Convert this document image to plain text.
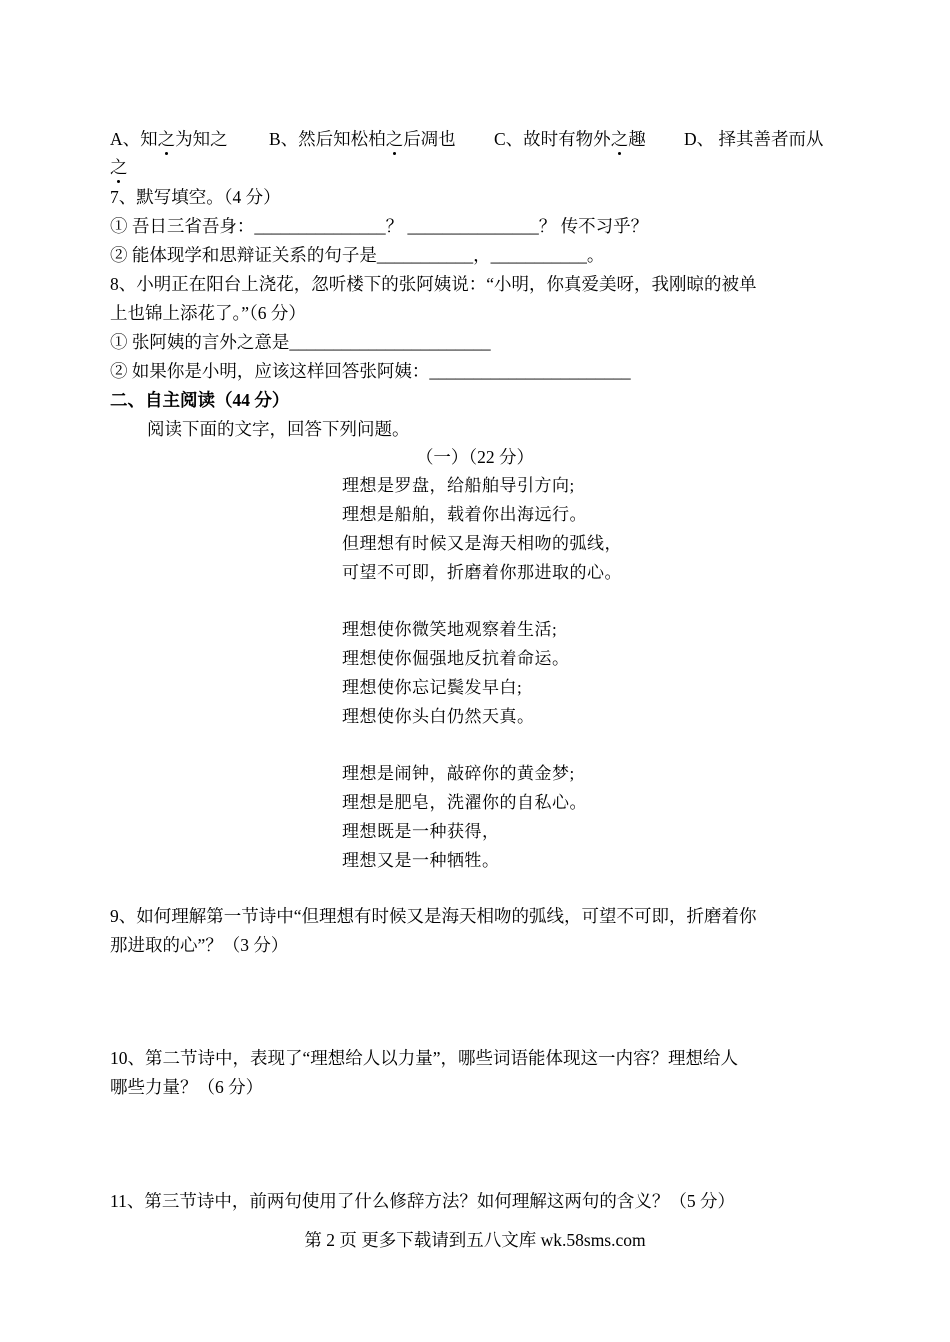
A、知之为知之 B、然后知松柏之后凋也 C、故时有物外之趣 D、 择其善者而从
之
7、默写填空。（4 分）
① 吾日三省吾身：_______________？ _______________？ 传不习乎？
② 能体现学和思辩证关系的句子是___________，___________。
8、小明正在阳台上浇花，忽听楼下的张阿姨说：“小明，你真爱美呀，我刚晾的被单
上也锦上添花了。”（6 分）
① 张阿姨的言外之意是_______________________
② 如果你是小明，应该这样回答张阿姨：_______________________
二、自主阅读（44 分）
阅读下面的文字，回答下列问题。
（一）（22 分）
理想是罗盘，给船舶导引方向;
理想是船舶，载着你出海远行。
但理想有时候又是海天相吻的弧线，
可望不可即，折磨着你那进取的心。
理想使你微笑地观察着生活;
理想使你倔强地反抗着命运。
理想使你忘记鬓发早白;
理想使你头白仍然天真。
理想是闹钟，敲碎你的黄金梦;
理想是肥皂，洗濯你的自私心。
理想既是一种获得，
理想又是一种牺牲。
9、如何理解第一节诗中“但理想有时候又是海天相吻的弧线，可望不可即，折磨着你
那进取的心”？（3 分）
10、第二节诗中，表现了“理想给人以力量”，哪些词语能体现这一内容？理想给人
哪些力量？（6 分）
11、第三节诗中，前两句使用了什么修辞方法？如何理解这两句的含义？（5 分）
第 2 页 更多下载请到五八文库 wk.58sms.com
